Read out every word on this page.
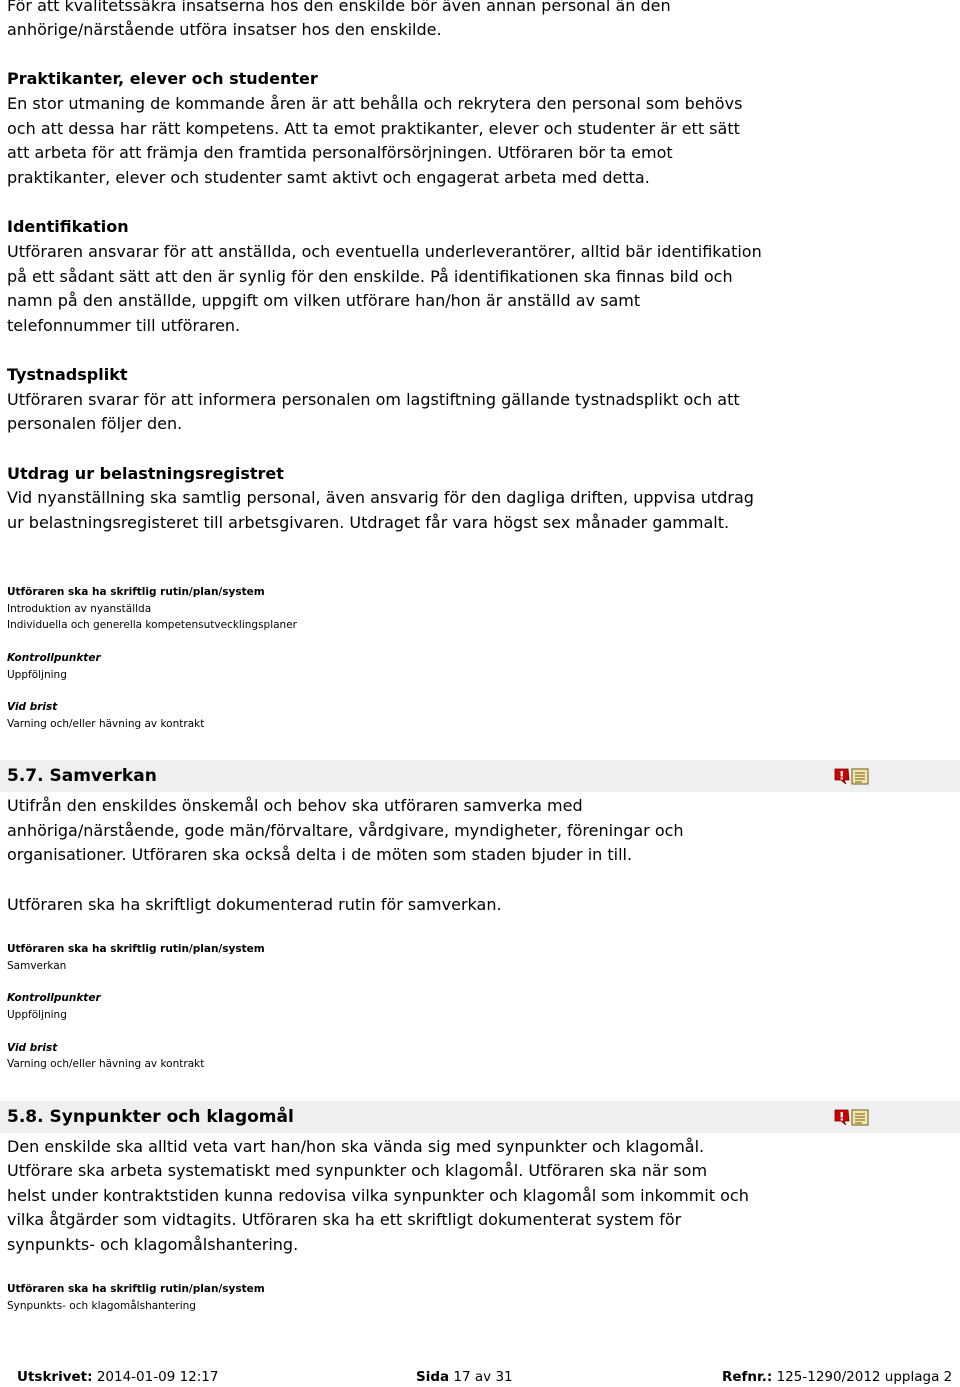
För att kvalitetssäkra insatserna hos den enskilde bör även annan personal än den

anhörige/närstående utföra insatser hos den enskilde.

Praktikanter, elever och studenter

En stor utmaning de kommande åren är att behålla och rekrytera den personal som behövs

och att dessa har rätt kompetens. Att ta emot praktikanter, elever och studenter är ett sätt

att arbeta för att främja den framtida personalförsörjningen. Utföraren bör ta emot

praktikanter, elever och studenter samt aktivt och engagerat arbeta med detta.

Identifikation

Utföraren ansvarar för att anställda, och eventuella underleverantörer, alltid bär identifikation

på ett sådant sätt att den är synlig för den enskilde. På identifikationen ska finnas bild och

namn på den anställde, uppgift om vilken utförare han/hon är anställd av samt

telefonnummer till utföraren.

Tystnadsplikt

Utföraren svarar för att informera personalen om lagstiftning gällande tystnadsplikt och att

personalen följer den.

Utdrag ur belastningsregistret

Vid nyanställning ska samtlig personal, även ansvarig för den dagliga driften, uppvisa utdrag

ur belastningsregisteret till arbetsgivaren. Utdraget får vara högst sex månader gammalt.

Utföraren ska ha skriftlig rutin/plan/system

Introduktion av nyanställda

Individuella och generella kompetensutvecklingsplaner

Kontrollpunkter

Uppföljning

Vid brist

Varning och/eller hävning av kontrakt

5.7. Samverkan

Utifrån den enskildes önskemål och behov ska utföraren samverka med

anhöriga/närstående, gode män/förvaltare, vårdgivare, myndigheter, föreningar och

organisationer. Utföraren ska också delta i de möten som staden bjuder in till.

Utföraren ska ha skriftligt dokumenterad rutin för samverkan.

Utföraren ska ha skriftlig rutin/plan/system

Samverkan

Kontrollpunkter

Uppföljning

Vid brist

Varning och/eller hävning av kontrakt

5.8. Synpunkter och klagomål

Den enskilde ska alltid veta vart han/hon ska vända sig med synpunkter och klagomål.

Utförare ska arbeta systematiskt med synpunkter och klagomål. Utföraren ska när som

helst under kontraktstiden kunna redovisa vilka synpunkter och klagomål som inkommit och

vilka åtgärder som vidtagits. Utföraren ska ha ett skriftligt dokumenterat system för

synpunkts- och klagomålshantering.

Utföraren ska ha skriftlig rutin/plan/system

Synpunkts- och klagomålshantering

Utskrivet: 2014-01-09 12:17	Sida 17 av 31	Refnr.: 125-1290/2012 upplaga 2
